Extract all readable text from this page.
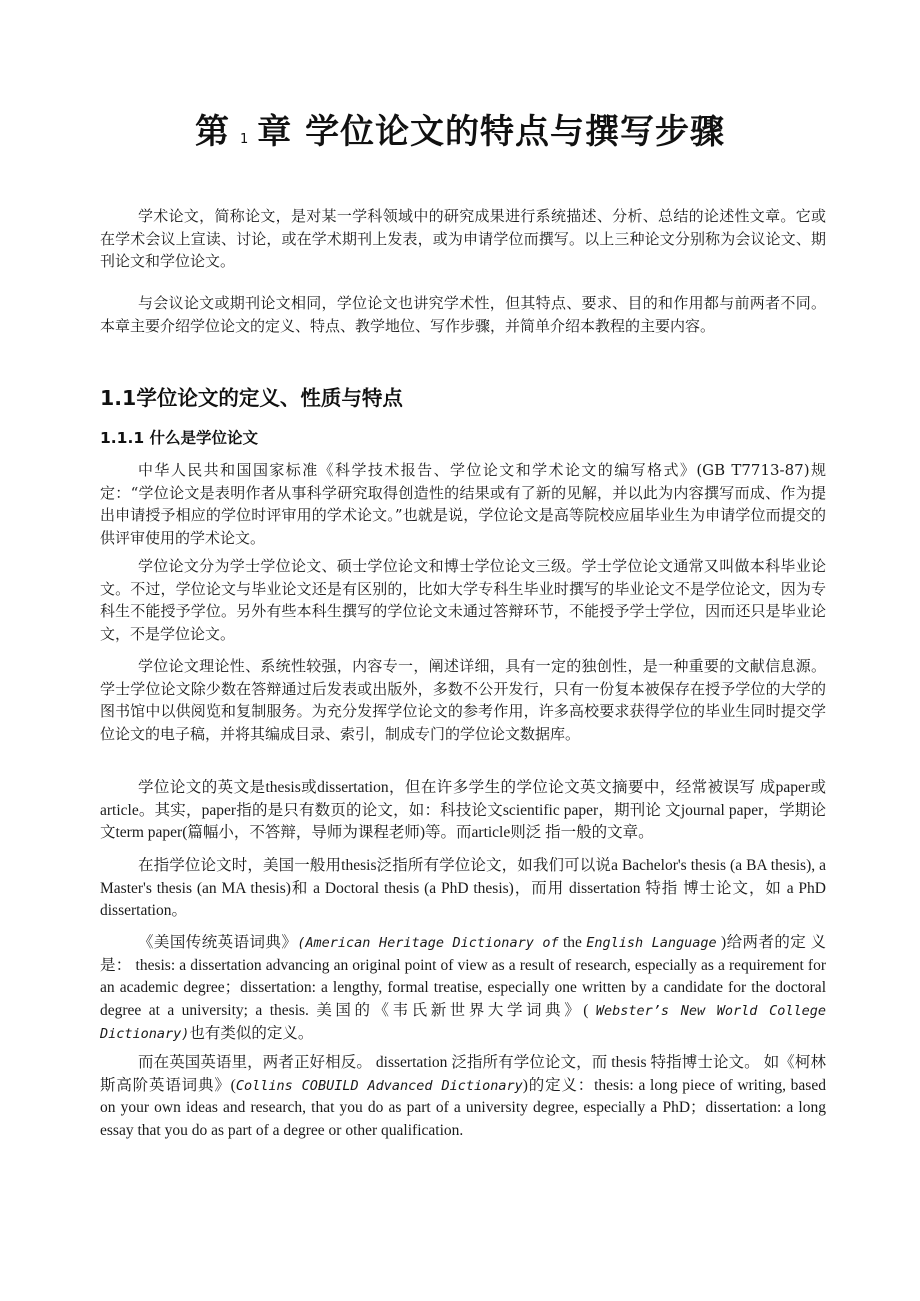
第 1 章 学位论文的特点与撰写步骤

学术论文，简称论文，是对某一学科领域中的研究成果进行系统描述、分析、总结的论述性文章。它或在学术会议上宣读、讨论，或在学术期刊上发表，或为申请学位而撰写。以上三种论文分别称为会议论文、期刊论文和学位论文。

与会议论文或期刊论文相同，学位论文也讲究学术性，但其特点、要求、目的和作用都与前两者不同。本章主要介绍学位论文的定义、特点、教学地位、写作步骤，并简单介绍本教程的主要内容。

1.1学位论文的定义、性质与特点
1.1.1 什么是学位论文

中华人民共和国国家标准《科学技术报告、学位论文和学术论文的编写格式》(GB T7713-87)规定：“学位论文是表明作者从事科学研究取得创造性的结果或有了新的见解，并以此为内容撰写而成、作为提出申请授予相应的学位时评审用的学术论文。”也就是说，学位论文是高等院校应届毕业生为申请学位而提交的供评审使用的学术论文。

学位论文分为学士学位论文、硕士学位论文和博士学位论文三级。学士学位论文通常又叫做本科毕业论文。不过，学位论文与毕业论文还是有区别的，比如大学专科生毕业时撰写的毕业论文不是学位论文，因为专科生不能授予学位。另外有些本科生撰写的学位论文未通过答辩环节，不能授予学士学位，因而还只是毕业论文，不是学位论文。

学位论文理论性、系统性较强，内容专一，阐述详细，具有一定的独创性，是一种重要的文献信息源。学士学位论文除少数在答辩通过后发表或出版外，多数不公开发行，只有一份复本被保存在授予学位的大学的图书馆中以供阅览和复制服务。为充分发挥学位论文的参考作用，许多高校要求获得学位的毕业生同时提交学位论文的电子稿，并将其编成目录、索引，制成专门的学位论文数据库。

学位论文的英文是thesis或dissertation，但在许多学生的学位论文英文摘要中，经常被误写 成paper或article。其实，paper指的是只有数页的论文，如：科技论文scientific paper，期刊论 文journal paper，学期论文term paper(篇幅小，不答辩，导师为课程老师)等。而article则泛 指一般的文章。

在指学位论文时，美国一般用thesis泛指所有学位论文，如我们可以说a Bachelor's thesis (a BA thesis), a Master's thesis (an MA thesis)和 a Doctoral thesis (a PhD thesis)，而用 dissertation 特指 博士论文，如 a PhD dissertation。

《美国传统英语词典》(American Heritage Dictionary of the English Language )给两者的定 义是： thesis: a dissertation advancing an original point of view as a result of research, especially as a requirement for an academic degree；dissertation: a lengthy, formal treatise, especially one written by a candidate for the doctoral degree at a university; a thesis. 美国的《韦氏新世界大学词典》( Webster’s New World College Dictionary)也有类似的定义。

而在英国英语里，两者正好相反。 dissertation 泛指所有学位论文，而 thesis 特指博士论文。 如《柯林斯高阶英语词典》(Collins COBUILD Advanced Dictionary)的定义：thesis: a long piece of writing, based on your own ideas and research, that you do as part of a university degree, especially a PhD；dissertation: a long essay that you do as part of a degree or other qualification.
